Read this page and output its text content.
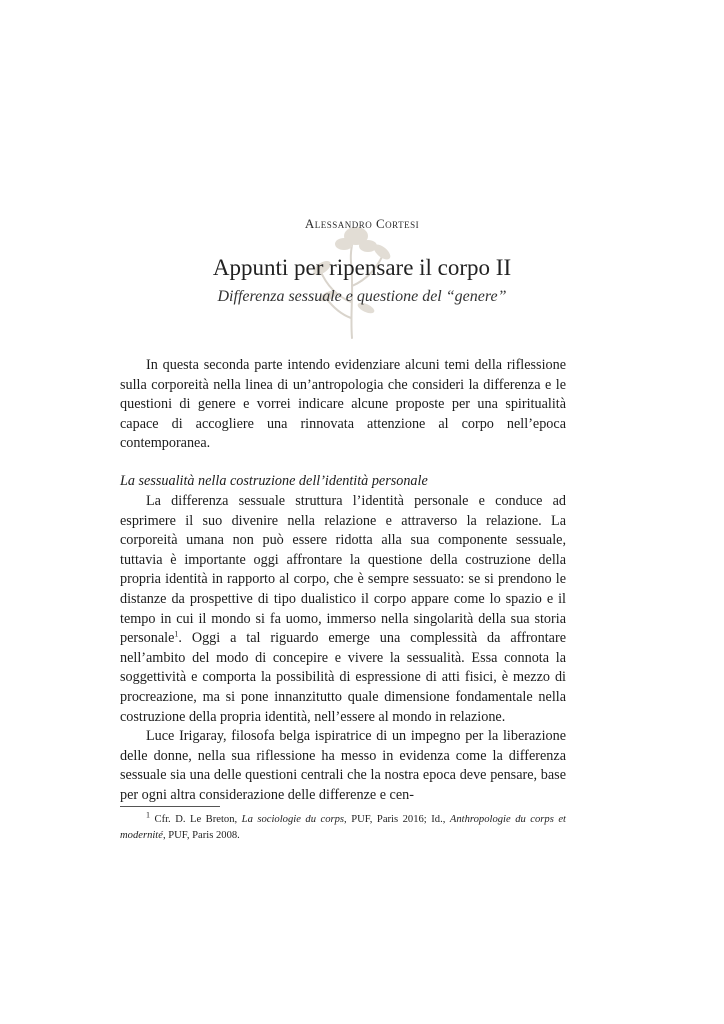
Alessandro Cortesi
Appunti per ripensare il corpo II
Differenza sessuale e questione del “genere”

In questa seconda parte intendo evidenziare alcuni temi della riflessione sulla corporeità nella linea di un’antropologia che consideri la differenza e le questioni di genere e vorrei indicare alcune proposte per una spiritualità capace di accogliere una rinnovata attenzione al corpo nell’epoca contemporanea.

La sessualità nella costruzione dell’identità personale

La differenza sessuale struttura l’identità personale e conduce ad esprimere il suo divenire nella relazione e attraverso la relazione. La corporeità umana non può essere ridotta alla sua componente sessuale, tuttavia è importante oggi affrontare la questione della costruzione della propria identità in rapporto al corpo, che è sempre sessuato: se si prendono le distanze da prospettive di tipo dualistico il corpo appare come lo spazio e il tempo in cui il mondo si fa uomo, immerso nella singolarità della sua storia personale$^1$. Oggi a tal riguardo emerge una complessità da affrontare nell’ambito del modo di concepire e vivere la sessualità. Essa connota la soggettività e comporta la possibilità di espressione di atti fisici, è mezzo di procreazione, ma si pone innanzitutto quale dimensione fondamentale nella costruzione della propria identità, nell’essere al mondo in relazione.

Luce Irigaray, filosofa belga ispiratrice di un impegno per la liberazione delle donne, nella sua riflessione ha messo in evidenza come la differenza sessuale sia una delle questioni centrali che la nostra epoca deve pensare, base per ogni altra considerazione delle differenze e cen-

$^1$ Cfr. D. Le Breton, La sociologie du corps, PUF, Paris 2016; Id., Anthropologie du corps et modernité, PUF, Paris 2008.
